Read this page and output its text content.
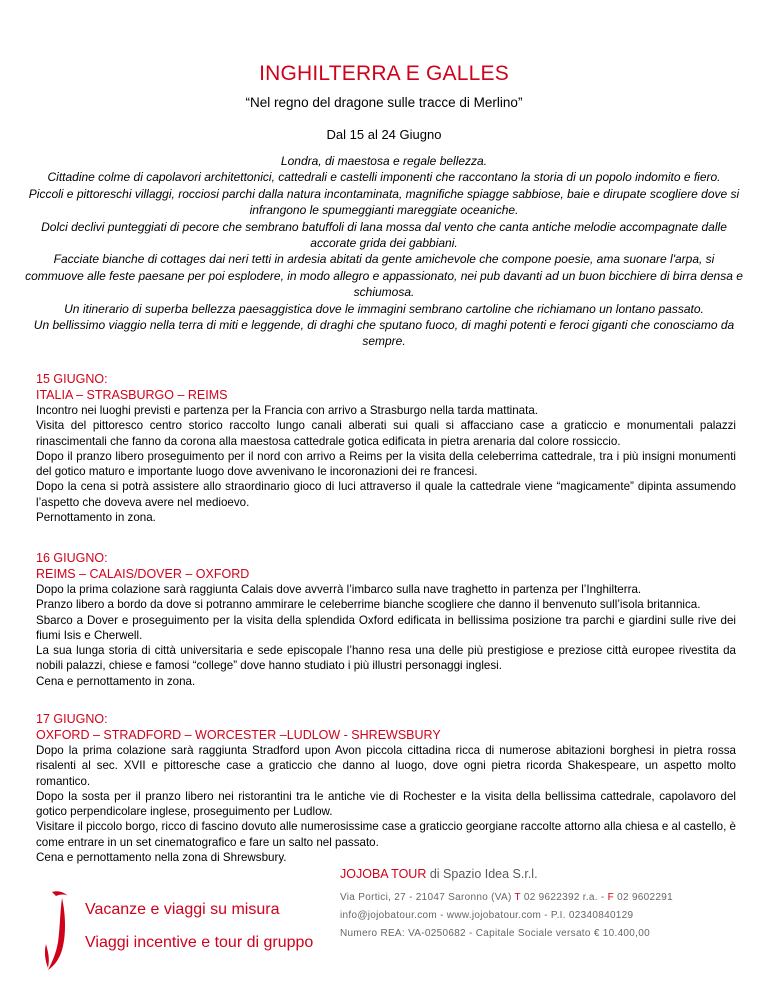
INGHILTERRA E GALLES
“Nel regno del dragone sulle tracce di Merlino”
Dal 15 al 24 Giugno

Londra, di maestosa e regale bellezza.

Cittadine colme di capolavori architettonici, cattedrali e castelli imponenti che raccontano la storia di un popolo indomito e fiero.

Piccoli e pittoreschi villaggi, rocciosi parchi dalla natura incontaminata, magnifiche spiagge sabbiose, baie e dirupate scogliere dove si infrangono le spumeggianti mareggiate oceaniche.

Dolci declivi punteggiati di pecore che sembrano batuffoli di lana mossa dal vento che canta antiche melodie accompagnate dalle accorate grida dei gabbiani.

Facciate bianche di cottages dai neri tetti in ardesia abitati da gente amichevole che compone poesie, ama suonare l'arpa, si commuove alle feste paesane per poi esplodere, in modo allegro e appassionato, nei pub davanti ad un buon bicchiere di birra densa e schiumosa.

Un itinerario di superba bellezza paesaggistica dove le immagini sembrano cartoline che richiamano un lontano passato.

Un bellissimo viaggio nella terra di miti e leggende, di draghi che sputano fuoco, di maghi potenti e feroci giganti che conosciamo da sempre.

15 GIUGNO:
ITALIA – STRASBURGO – REIMS

Incontro nei luoghi previsti e partenza per la Francia con arrivo a Strasburgo nella tarda mattinata.

Visita del pittoresco centro storico raccolto lungo canali alberati sui quali si affacciano case a graticcio e monumentali palazzi rinascimentali che fanno da corona alla maestosa cattedrale gotica edificata in pietra arenaria dal colore rossiccio.

Dopo il pranzo libero proseguimento per il nord con arrivo a Reims per la visita della celeberrima cattedrale, tra i più insigni monumenti del gotico maturo e importante luogo dove avvenivano le incoronazioni dei re francesi.

Dopo la cena si potrà assistere allo straordinario gioco di luci attraverso il quale la cattedrale viene “magicamente” dipinta assumendo l’aspetto che doveva avere nel medioevo.

Pernottamento in zona.

16 GIUGNO:
REIMS – CALAIS/DOVER – OXFORD

Dopo la prima colazione sarà raggiunta Calais dove avverrà l’imbarco sulla nave traghetto in partenza per l’Inghilterra.

Pranzo libero a bordo da dove si potranno ammirare le celeberrime bianche scogliere che danno il benvenuto sull’isola britannica.

Sbarco a Dover e proseguimento per la visita della splendida Oxford edificata in bellissima posizione tra parchi e giardini sulle rive dei fiumi Isis e Cherwell.

La sua lunga storia di città universitaria e sede episcopale l’hanno resa una delle più prestigiose e preziose città europee rivestita da nobili palazzi, chiese e famosi “college” dove hanno studiato i più illustri personaggi inglesi.

Cena e pernottamento in zona.

17 GIUGNO:
OXFORD – STRADFORD – WORCESTER –LUDLOW - SHREWSBURY

Dopo la prima colazione sarà raggiunta Stradford upon Avon piccola cittadina ricca di numerose abitazioni borghesi in pietra rossa risalenti al sec. XVII e pittoresche case a graticcio che danno al luogo, dove ogni pietra ricorda Shakespeare, un aspetto molto romantico.

Dopo la sosta per il pranzo libero nei ristorantini tra le antiche vie di Rochester e la visita della bellissima cattedrale, capolavoro del gotico perpendicolare inglese, proseguimento per Ludlow.

Visitare il piccolo borgo, ricco di fascino dovuto alle numerosissime case a graticcio georgiane raccolte attorno alla chiesa e al castello, è come entrare in un set cinematografico e fare un salto nel passato.

Cena e pernottamento nella zona di Shrewsbury.

Vacanze e viaggi su misura
Viaggi incentive e tour di gruppo
JOJOBA TOUR di Spazio Idea S.r.l.
Via Portici, 27 - 21047 Saronno (VA) T 02 9622392 r.a. - F 02 9602291
info@jojobatour.com - www.jojobatour.com - P.I. 02340840129
Numero REA: VA-0250682 - Capitale Sociale versato € 10.400,00
